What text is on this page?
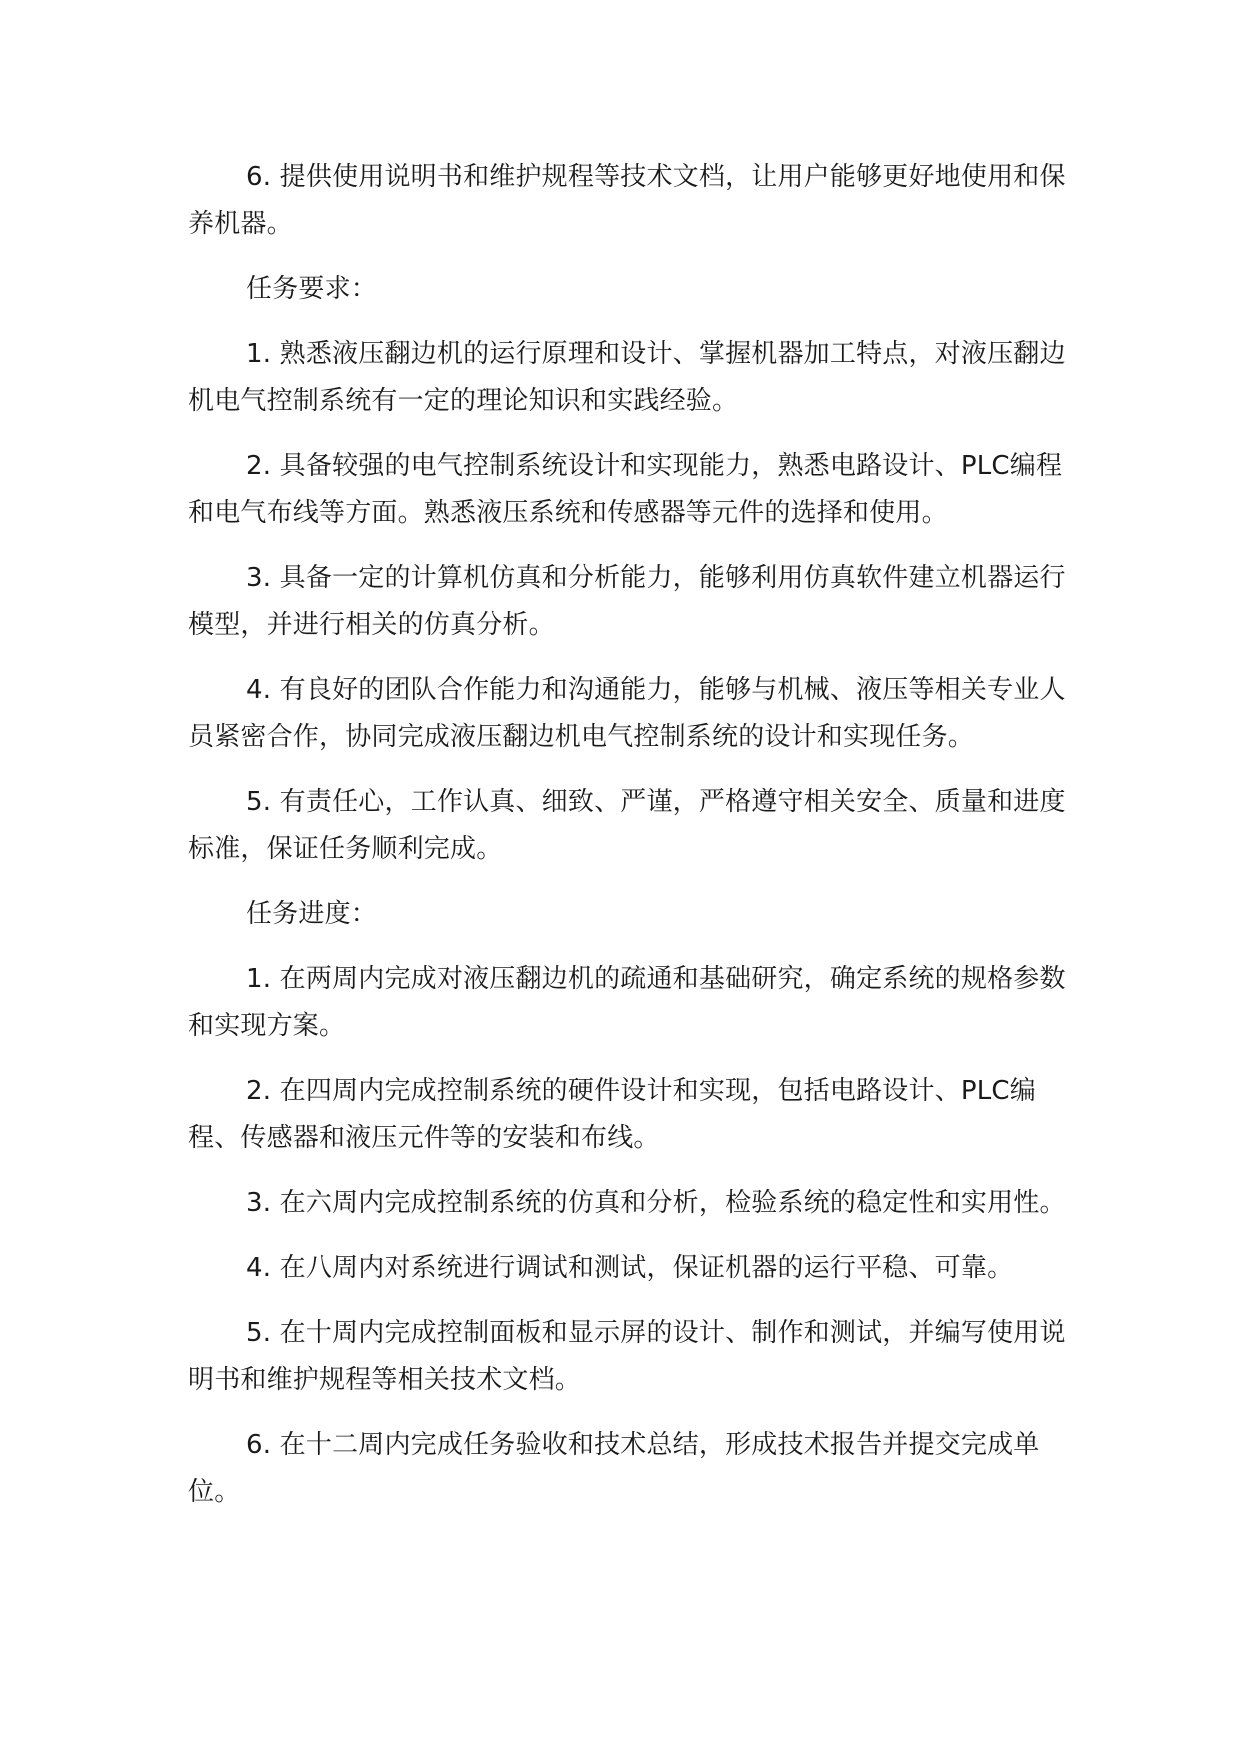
6. 提供使用说明书和维护规程等技术文档，让用户能够更好地使用和保养机器。

任务要求：

1. 熟悉液压翻边机的运行原理和设计、掌握机器加工特点，对液压翻边机电气控制系统有一定的理论知识和实践经验。

2. 具备较强的电气控制系统设计和实现能力，熟悉电路设计、PLC编程和电气布线等方面。熟悉液压系统和传感器等元件的选择和使用。

3. 具备一定的计算机仿真和分析能力，能够利用仿真软件建立机器运行模型，并进行相关的仿真分析。

4. 有良好的团队合作能力和沟通能力，能够与机械、液压等相关专业人员紧密合作，协同完成液压翻边机电气控制系统的设计和实现任务。

5. 有责任心，工作认真、细致、严谨，严格遵守相关安全、质量和进度标准，保证任务顺利完成。

任务进度：

1. 在两周内完成对液压翻边机的疏通和基础研究，确定系统的规格参数和实现方案。

2. 在四周内完成控制系统的硬件设计和实现，包括电路设计、PLC编程、传感器和液压元件等的安装和布线。

3. 在六周内完成控制系统的仿真和分析，检验系统的稳定性和实用性。

4. 在八周内对系统进行调试和测试，保证机器的运行平稳、可靠。

5. 在十周内完成控制面板和显示屏的设计、制作和测试，并编写使用说明书和维护规程等相关技术文档。

6. 在十二周内完成任务验收和技术总结，形成技术报告并提交完成单位。
